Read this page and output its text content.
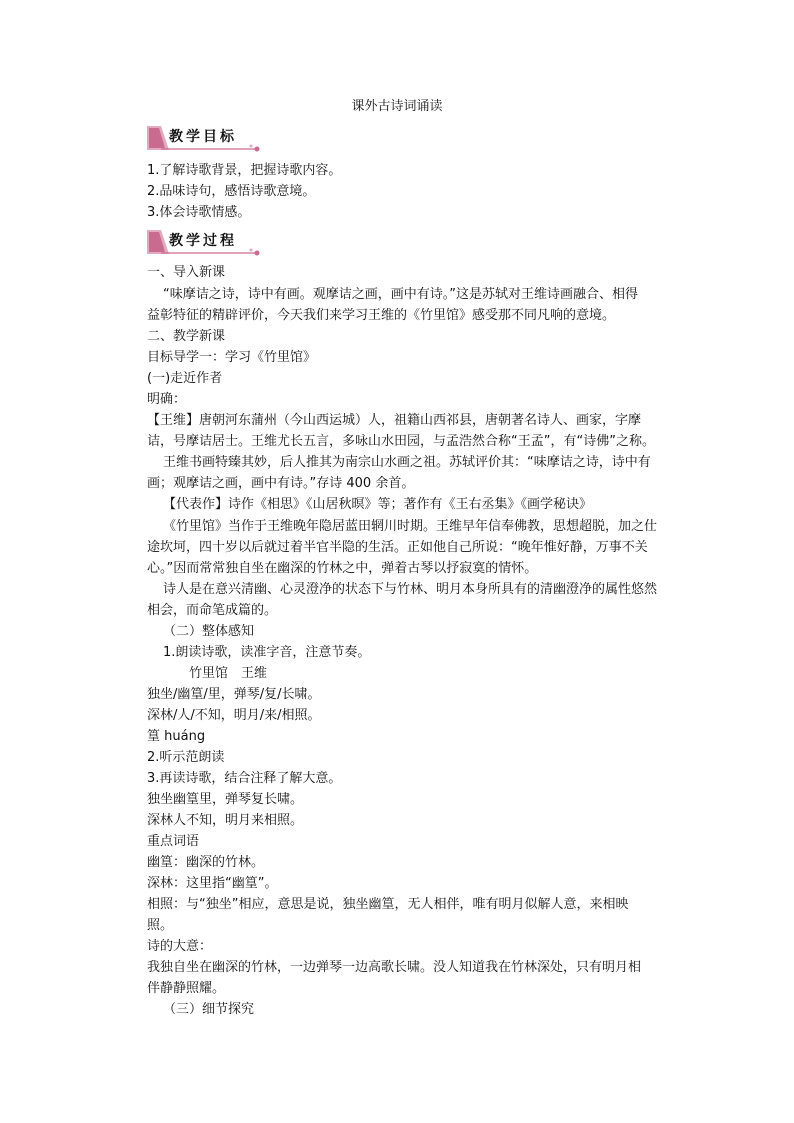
课外古诗词诵读
教学目标
1.了解诗歌背景，把握诗歌内容。
2.品味诗句，感悟诗歌意境。
3.体会诗歌情感。
教学过程
一、导入新课
“味摩诘之诗，诗中有画。观摩诘之画，画中有诗。”这是苏轼对王维诗画融合、相得
益彰特征的精辟评价，今天我们来学习王维的《竹里馆》感受那不同凡响的意境。
二、教学新课
目标导学一：学习《竹里馆》
(一)走近作者
明确：
【王维】唐朝河东蒲州（今山西运城）人，祖籍山西祁县，唐朝著名诗人、画家，字摩
诘，号摩诘居士。王维尤长五言，多咏山水田园，与孟浩然合称“王孟”，有“诗佛”之称。
王维书画特臻其妙，后人推其为南宗山水画之祖。苏轼评价其：“味摩诘之诗，诗中有
画；观摩诘之画，画中有诗。”存诗 400 余首。
【代表作】诗作《相思》《山居秋暝》等；著作有《王右丞集》《画学秘诀》
《竹里馆》当作于王维晚年隐居蓝田辋川时期。王维早年信奉佛教，思想超脱，加之仕
途坎坷，四十岁以后就过着半官半隐的生活。正如他自己所说：“晚年惟好静，万事不关
心。”因而常常独自坐在幽深的竹林之中，弹着古琴以抒寂寞的情怀。
诗人是在意兴清幽、心灵澄净的状态下与竹林、明月本身所具有的清幽澄净的属性悠然
相会，而命笔成篇的。
（二）整体感知
1.朗读诗歌，读准字音，注意节奏。
竹里馆　王维
独坐/幽篁/里，弹琴/复/长啸。
深林/人/不知，明月/来/相照。
篁 huáng
2.听示范朗读
3.再读诗歌，结合注释了解大意。
独坐幽篁里，弹琴复长啸。
深林人不知，明月来相照。
重点词语
幽篁：幽深的竹林。
深林：这里指“幽篁”。
相照：与“独坐”相应，意思是说，独坐幽篁，无人相伴，唯有明月似解人意，来相映
照。
诗的大意：
我独自坐在幽深的竹林，一边弹琴一边高歌长啸。没人知道我在竹林深处，只有明月相
伴静静照耀。
（三）细节探究
